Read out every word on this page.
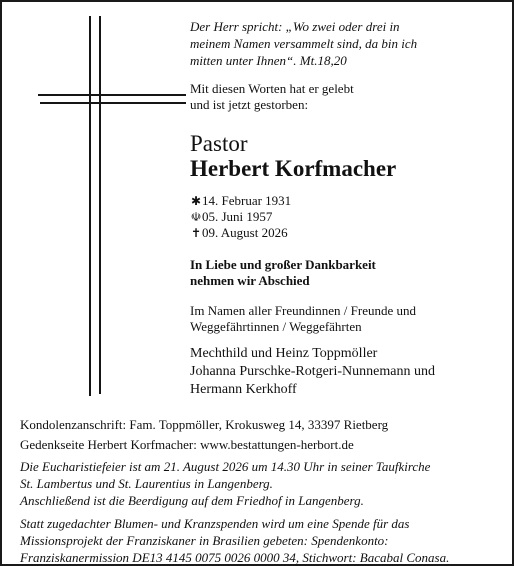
Der Herr spricht: „Wo zwei oder drei in
meinem Namen versammelt sind, da bin ich
mitten unter Ihnen“. Mt.18,20
Mit diesen Worten hat er gelebt
und ist jetzt gestorben:
Pastor
Herbert Korfmacher
✱ 14. Februar 1931
☫ 05. Juni 1957
✝ 09. August 2026
In Liebe und großer Dankbarkeit
nehmen wir Abschied
Im Namen aller Freundinnen / Freunde und
Weggefährtinnen / Weggefährten
Mechthild und Heinz Toppmöller
Johanna Purschke-Rotgeri-Nunnemann und
Hermann Kerkhoff
Kondolenzanschrift: Fam. Toppmöller, Krokusweg 14, 33397 Rietberg
Gedenkseite Herbert Korfmacher: www.bestattungen-herbort.de
Die Eucharistiefeier ist am 21. August 2026 um 14.30 Uhr in seiner Taufkirche
St. Lambertus und St. Laurentius in Langenberg.
Anschließend ist die Beerdigung auf dem Friedhof in Langenberg.
Statt zugedachter Blumen- und Kranzspenden wird um eine Spende für das
Missionsprojekt der Franziskaner in Brasilien gebeten: Spendenkonto:
Franziskanermission DE13 4145 0075 0026 0000 34, Stichwort: Bacabal Conasa.
